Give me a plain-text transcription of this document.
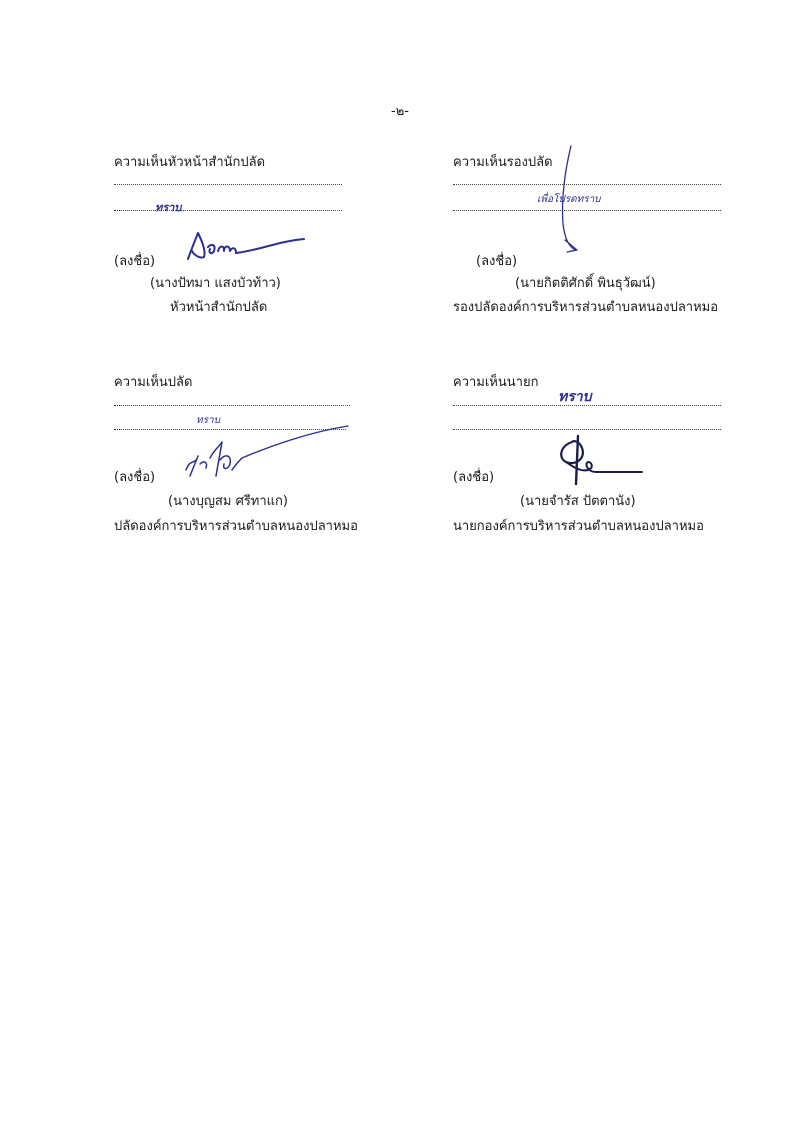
-๒-
ความเห็นหัวหน้าสำนักปลัด
ทราบ
(ลงชื่อ)
(นางปัทมา แสงบัวท้าว)
หัวหน้าสำนักปลัด
ความเห็นรองปลัด
เพื่อโปรดทราบ
(ลงชื่อ)
(นายกิตติศักดิ์ พินธุวัฒน์)
รองปลัดองค์การบริหารส่วนตำบลหนองปลาหมอ
ความเห็นปลัด
ทราบ
(ลงชื่อ)
(นางบุญสม ศรีทาแก)
ปลัดองค์การบริหารส่วนตำบลหนองปลาหมอ
ความเห็นนายก
ทราบ
(ลงชื่อ)
(นายจำรัส ปัตตานัง)
นายกองค์การบริหารส่วนตำบลหนองปลาหมอ
